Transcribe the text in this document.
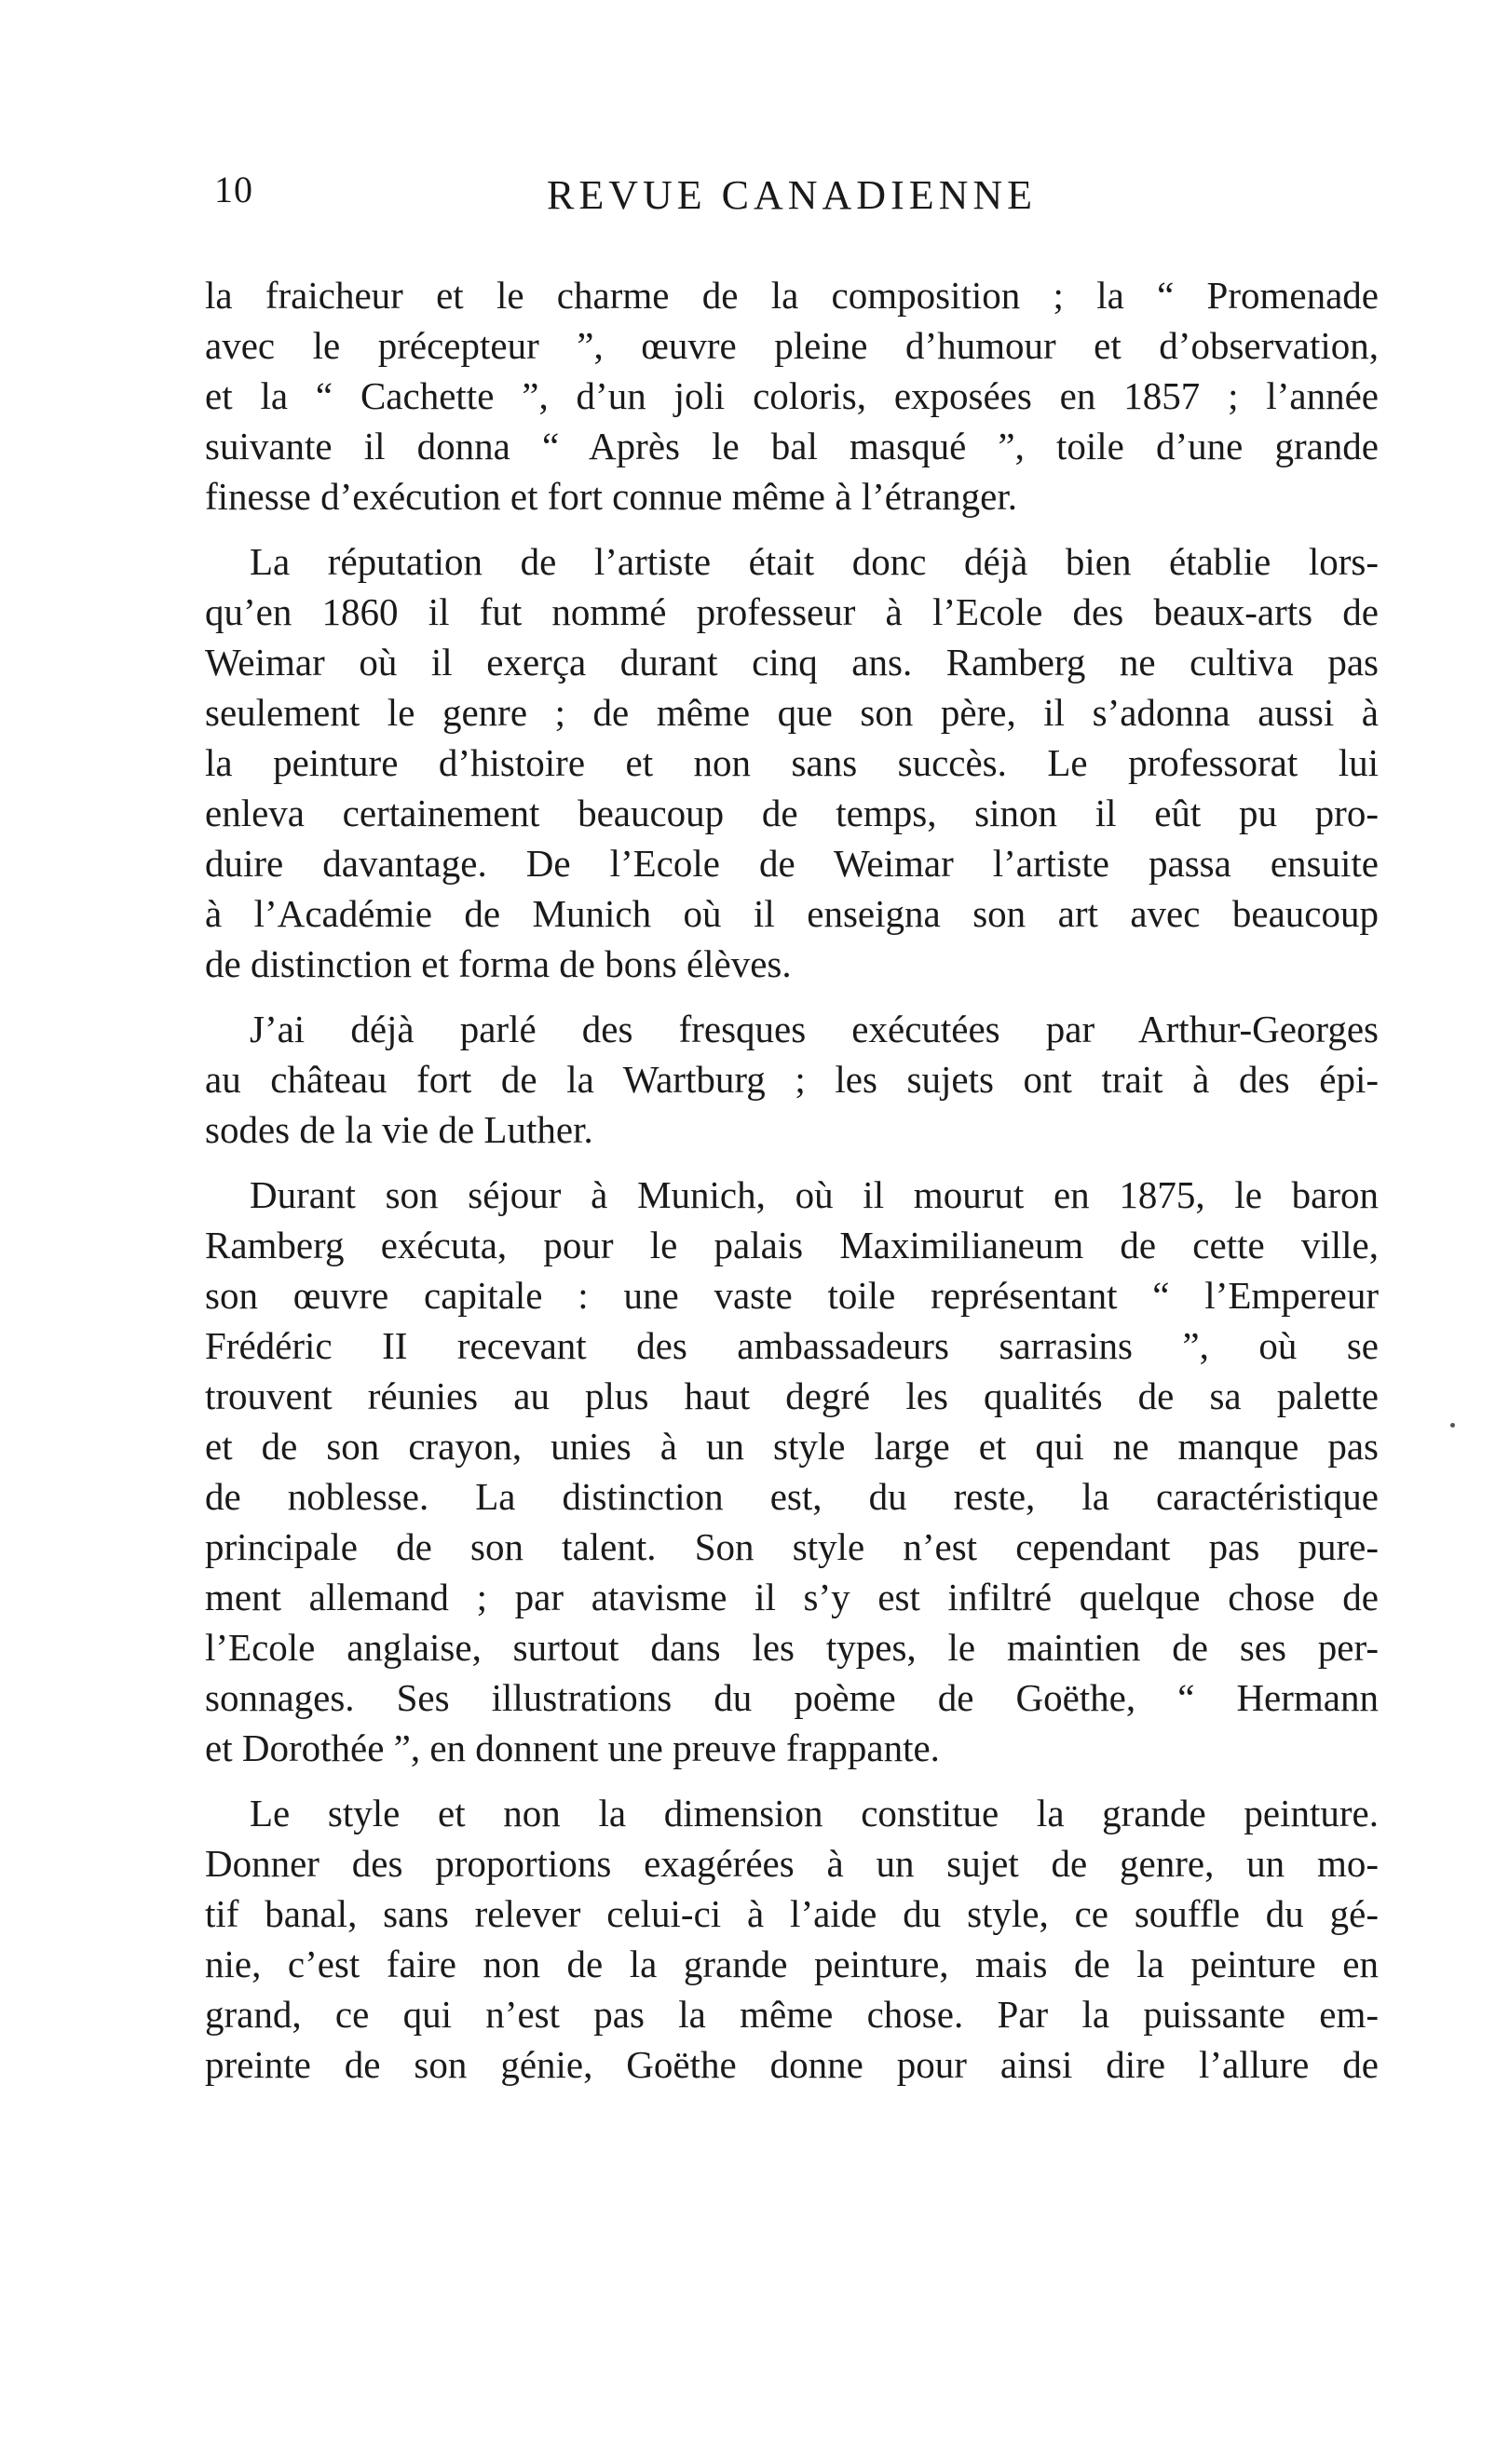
10	REVUE CANADIENNE
la fraicheur et le charme de la composition ; la “ Promenade
avec le précepteur ”, œuvre pleine d’humour et d’observation,
et la “ Cachette ”, d’un joli coloris, exposées en 1857 ; l’année
suivante il donna “ Après le bal masqué ”, toile d’une grande
finesse d’exécution et fort connue même à l’étranger.
La réputation de l’artiste était donc déjà bien établie lors-
qu’en 1860 il fut nommé professeur à l’Ecole des beaux-arts de
Weimar où il exerça durant cinq ans. Ramberg ne cultiva pas
seulement le genre ; de même que son père, il s’adonna aussi à
la peinture d’histoire et non sans succès. Le professorat lui
enleva certainement beaucoup de temps, sinon il eût pu pro-
duire davantage. De l’Ecole de Weimar l’artiste passa ensuite
à l’Académie de Munich où il enseigna son art avec beaucoup
de distinction et forma de bons élèves.
J’ai déjà parlé des fresques exécutées par Arthur-Georges
au château fort de la Wartburg ; les sujets ont trait à des épi-
sodes de la vie de Luther.
Durant son séjour à Munich, où il mourut en 1875, le baron
Ramberg exécuta, pour le palais Maximilianeum de cette ville,
son œuvre capitale : une vaste toile représentant “ l’Empereur
Frédéric II recevant des ambassadeurs sarrasins ”, où se
trouvent réunies au plus haut degré les qualités de sa palette
et de son crayon, unies à un style large et qui ne manque pas
de noblesse. La distinction est, du reste, la caractéristique
principale de son talent. Son style n’est cependant pas pure-
ment allemand ; par atavisme il s’y est infiltré quelque chose de
l’Ecole anglaise, surtout dans les types, le maintien de ses per-
sonnages. Ses illustrations du poème de Goëthe, “ Hermann
et Dorothée ”, en donnent une preuve frappante.
Le style et non la dimension constitue la grande peinture.
Donner des proportions exagérées à un sujet de genre, un mo-
tif banal, sans relever celui-ci à l’aide du style, ce souffle du gé-
nie, c’est faire non de la grande peinture, mais de la peinture en
grand, ce qui n’est pas la même chose. Par la puissante em-
preinte de son génie, Goëthe donne pour ainsi dire l’allure de
